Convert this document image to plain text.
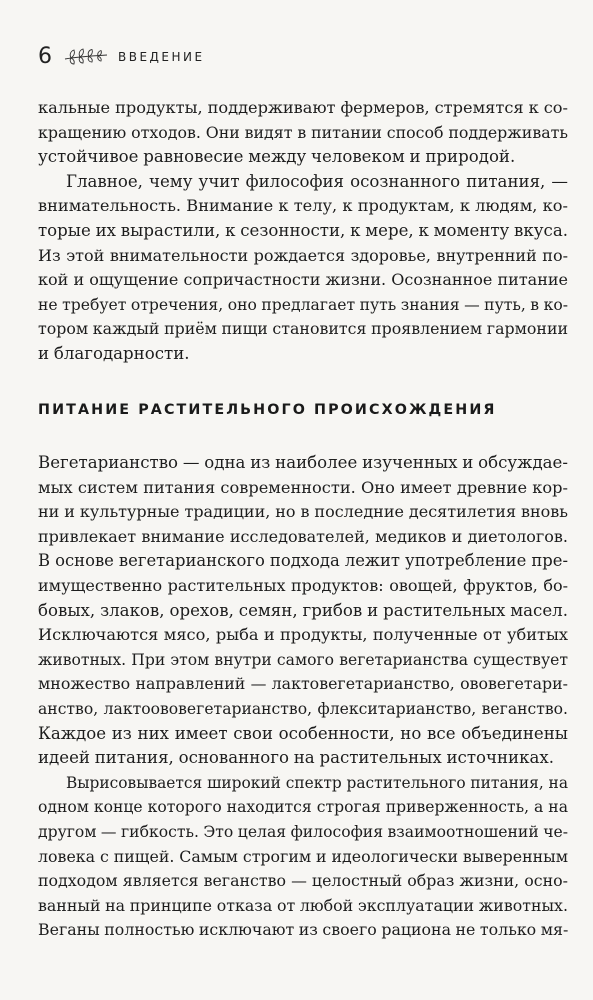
6	ВВЕДЕНИЕ
кальные продукты, поддерживают фермеров, стремятся к со-
кращению отходов. Они видят в питании способ поддерживать
устойчивое равновесие между человеком и природой.
Главное, чему учит философия осознанного питания, —
внимательность. Внимание к телу, к продуктам, к людям, ко-
торые их вырастили, к сезонности, к мере, к моменту вкуса.
Из этой внимательности рождается здоровье, внутренний по-
кой и ощущение сопричастности жизни. Осознанное питание
не требует отречения, оно предлагает путь знания — путь, в ко-
тором каждый приём пищи становится проявлением гармонии
и благодарности.
ПИТАНИЕ РАСТИТЕЛЬНОГО ПРОИСХОЖДЕНИЯ
Вегетарианство — одна из наиболее изученных и обсуждае-
мых систем питания современности. Оно имеет древние кор-
ни и культурные традиции, но в последние десятилетия вновь
привлекает внимание исследователей, медиков и диетологов.
В основе вегетарианского подхода лежит употребление пре-
имущественно растительных продуктов: овощей, фруктов, бо-
бовых, злаков, орехов, семян, грибов и растительных масел.
Исключаются мясо, рыба и продукты, полученные от убитых
животных. При этом внутри самого вегетарианства существует
множество направлений — лактовегетарианство, ововегетари-
анство, лактоововегетарианство, флекситарианство, веганство.
Каждое из них имеет свои особенности, но все объединены
идеей питания, основанного на растительных источниках.
Вырисовывается широкий спектр растительного питания, на
одном конце которого находится строгая приверженность, а на
другом — гибкость. Это целая философия взаимоотношений че-
ловека с пищей. Самым строгим и идеологически выверенным
подходом является веганство — целостный образ жизни, осно-
ванный на принципе отказа от любой эксплуатации животных.
Веганы полностью исключают из своего рациона не только мя-
